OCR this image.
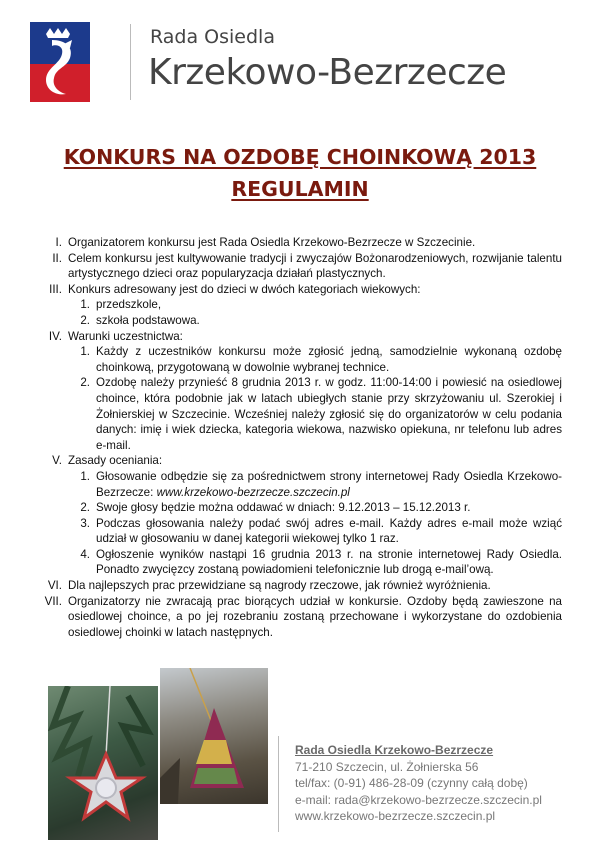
Rada Osiedla
Krzekowo-Bezrzecze
KONKURS NA OZDOBĘ CHOINKOWĄ 2013
REGULAMIN
I. Organizatorem konkursu jest Rada Osiedla Krzekowo-Bezrzecze w Szczecinie.
II. Celem konkursu jest kultywowanie tradycji i zwyczajów Bożonarodzeniowych, rozwijanie talentu artystycznego dzieci oraz popularyzacja działań plastycznych.
III. Konkurs adresowany jest do dzieci w dwóch kategoriach wiekowych:
1. przedszkole,
2. szkoła podstawowa.
IV. Warunki uczestnictwa:
1. Każdy z uczestników konkursu może zgłosić jedną, samodzielnie wykonaną ozdobę choinkową, przygotowaną w dowolnie wybranej technice.
2. Ozdobę należy przynieść 8 grudnia 2013 r. w godz. 11:00-14:00 i powiesić na osiedlowej choince, która podobnie jak w latach ubiegłych stanie przy skrzyżowaniu ul. Szerokiej i Żołnierskiej w Szczecinie. Wcześniej należy zgłosić się do organizatorów w celu podania danych: imię i wiek dziecka, kategoria wiekowa, nazwisko opiekuna, nr telefonu lub adres e-mail.
V. Zasady oceniania:
1. Głosowanie odbędzie się za pośrednictwem strony internetowej Rady Osiedla Krzekowo-Bezrzecze: www.krzekowo-bezrzecze.szczecin.pl
2. Swoje głosy będzie można oddawać w dniach: 9.12.2013 – 15.12.2013 r.
3. Podczas głosowania należy podać swój adres e-mail. Każdy adres e-mail może wziąć udział w głosowaniu w danej kategorii wiekowej tylko 1 raz.
4. Ogłoszenie wyników nastąpi 16 grudnia 2013 r. na stronie internetowej Rady Osiedla. Ponadto zwycięzcy zostaną powiadomieni telefonicznie lub drogą e-mail’ową.
VI. Dla najlepszych prac przewidziane są nagrody rzeczowe, jak również wyróżnienia.
VII. Organizatorzy nie zwracają prac biorących udział w konkursie. Ozdoby będą zawieszone na osiedlowej choince, a po jej rozebraniu zostaną przechowane i wykorzystane do ozdobienia osiedlowej choinki w latach następnych.
Rada Osiedla Krzekowo-Bezrzecze
71-210 Szczecin, ul. Żołnierska 56
tel/fax: (0-91) 486-28-09 (czynny całą dobę)
e-mail: rada@krzekowo-bezrzecze.szczecin.pl
www.krzekowo-bezrzecze.szczecin.pl
